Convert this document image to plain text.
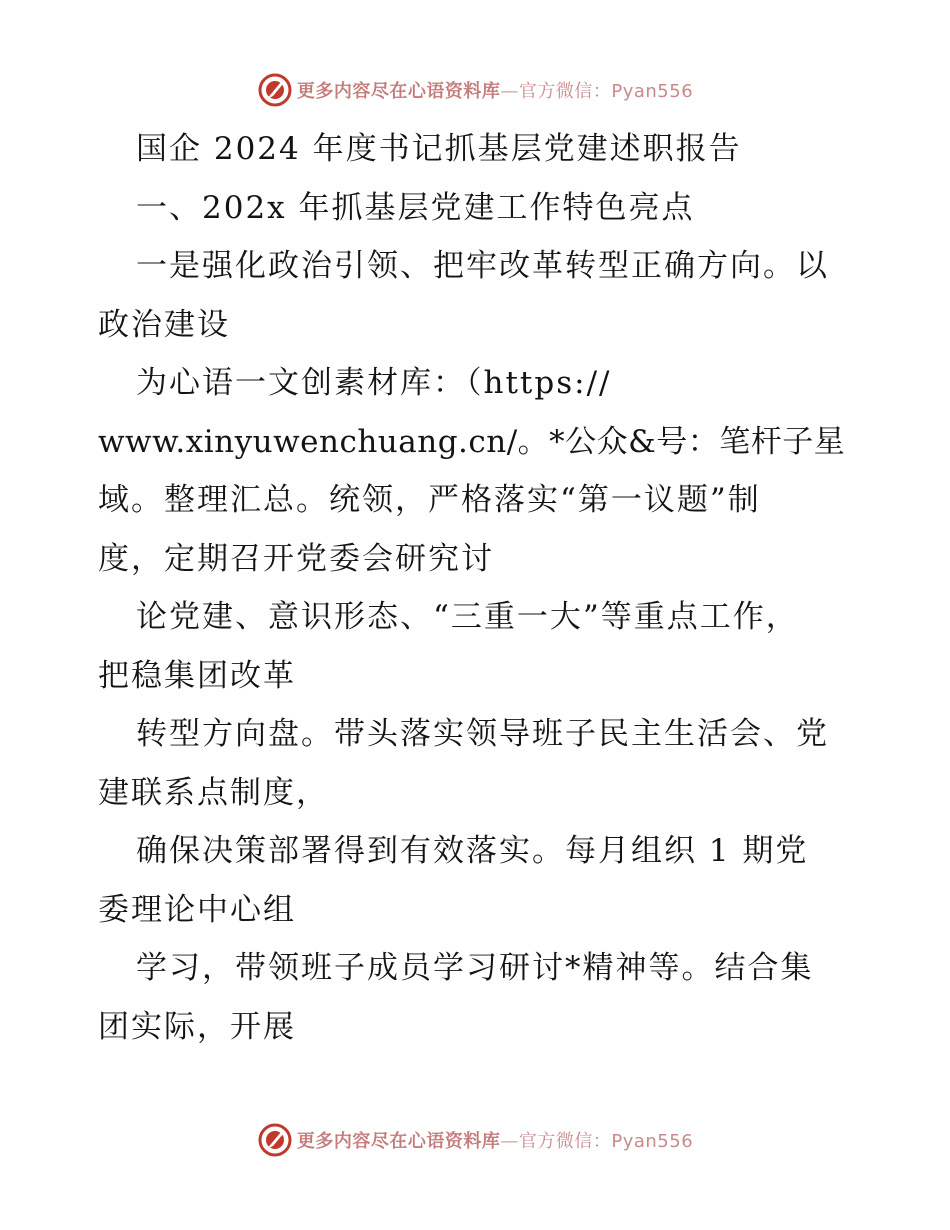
更多内容尽在心语资料库—官方微信：Pyan556
国企 2024 年度书记抓基层党建述职报告
一、202x 年抓基层党建工作特色亮点
一是强化政治引领、把牢改革转型正确方向。以
政治建设
为心语一文创素材库：（https://
www.xinyuwenchuang.cn/。*公众&号：笔杆子星
域。整理汇总。统领，严格落实“第一议题”制
度，定期召开党委会研究讨
论党建、意识形态、“三重一大”等重点工作，
把稳集团改革
转型方向盘。带头落实领导班子民主生活会、党
建联系点制度，
确保决策部署得到有效落实。每月组织 1 期党
委理论中心组
学习，带领班子成员学习研讨*精神等。结合集
团实际，开展
更多内容尽在心语资料库—官方微信：Pyan556
